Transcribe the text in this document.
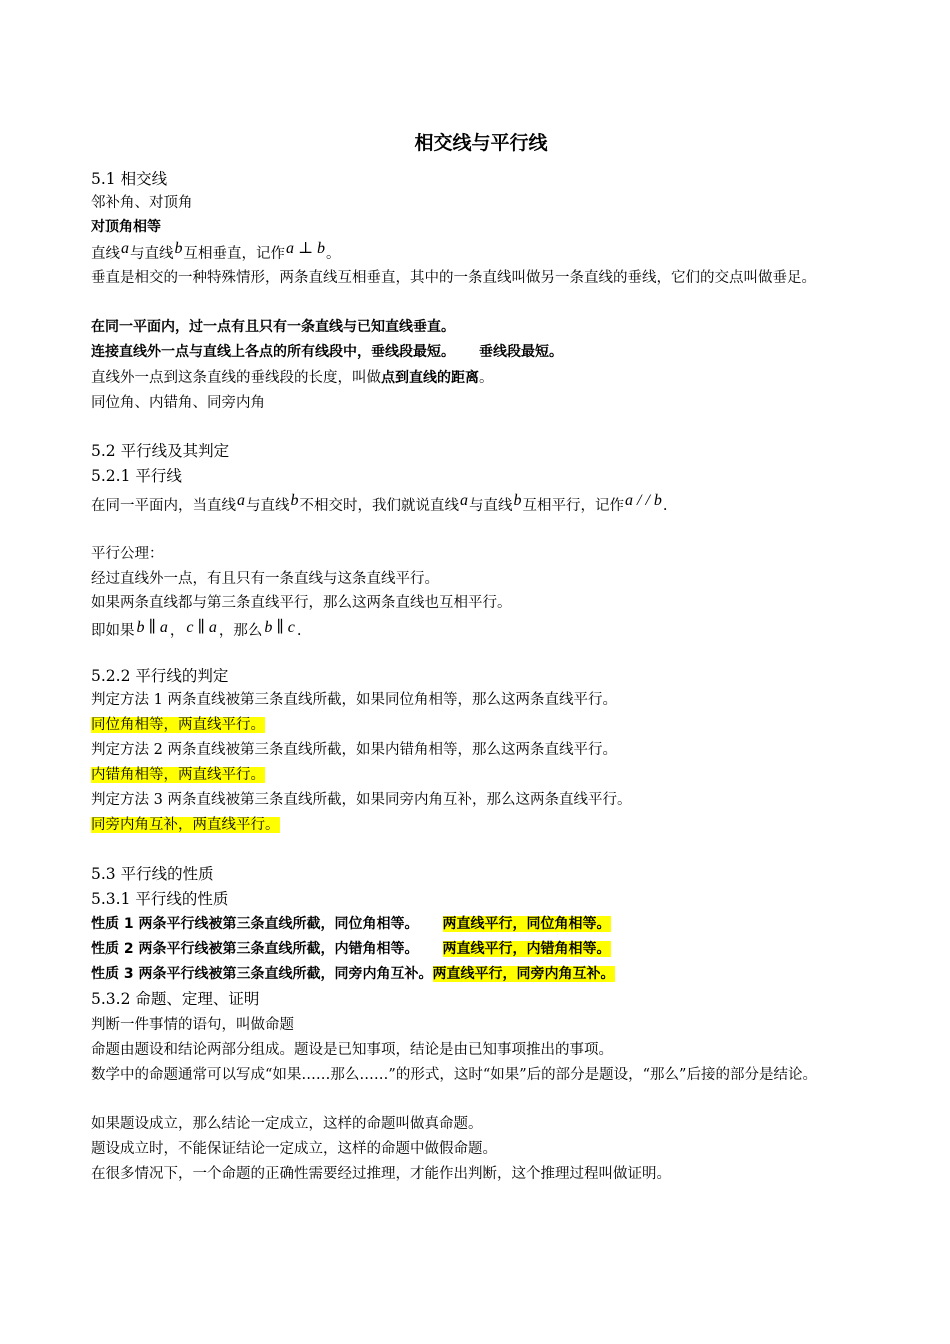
相交线与平行线
5.1 相交线
邻补角、对顶角
对顶角相等
直线a与直线b互相垂直，记作a ⊥ b。
垂直是相交的一种特殊情形，两条直线互相垂直，其中的一条直线叫做另一条直线的垂线，它们的交点叫做垂足。
在同一平面内，过一点有且只有一条直线与已知直线垂直。
连接直线外一点与直线上各点的所有线段中，垂线段最短。 垂线段最短。
直线外一点到这条直线的垂线段的长度，叫做点到直线的距离。
同位角、内错角、同旁内角
5.2 平行线及其判定
5.2.1 平行线
在同一平面内，当直线a与直线b不相交时，我们就说直线a与直线b互相平行，记作a / / b.
平行公理：
经过直线外一点，有且只有一条直线与这条直线平行。
如果两条直线都与第三条直线平行，那么这两条直线也互相平行。
即如果 b ∥ a ， c ∥ a ，那么 b ∥ c .
5.2.2 平行线的判定
判定方法 1 两条直线被第三条直线所截，如果同位角相等，那么这两条直线平行。
同位角相等，两直线平行。
判定方法 2 两条直线被第三条直线所截，如果内错角相等，那么这两条直线平行。
内错角相等，两直线平行。
判定方法 3 两条直线被第三条直线所截，如果同旁内角互补，那么这两条直线平行。
同旁内角互补，两直线平行。
5.3 平行线的性质
5.3.1 平行线的性质
性质 1 两条平行线被第三条直线所截，同位角相等。 两直线平行，同位角相等。
性质 2 两条平行线被第三条直线所截，内错角相等。 两直线平行，内错角相等。
性质 3 两条平行线被第三条直线所截，同旁内角互补。两直线平行，同旁内角互补。
5.3.2 命题、定理、证明
判断一件事情的语句，叫做命题
命题由题设和结论两部分组成。题设是已知事项，结论是由已知事项推出的事项。
数学中的命题通常可以写成“如果……那么……”的形式，这时“如果”后的部分是题设，“那么”后接的部分是结论。
如果题设成立，那么结论一定成立，这样的命题叫做真命题。
题设成立时，不能保证结论一定成立，这样的命题中做假命题。
在很多情况下，一个命题的正确性需要经过推理，才能作出判断，这个推理过程叫做证明。
